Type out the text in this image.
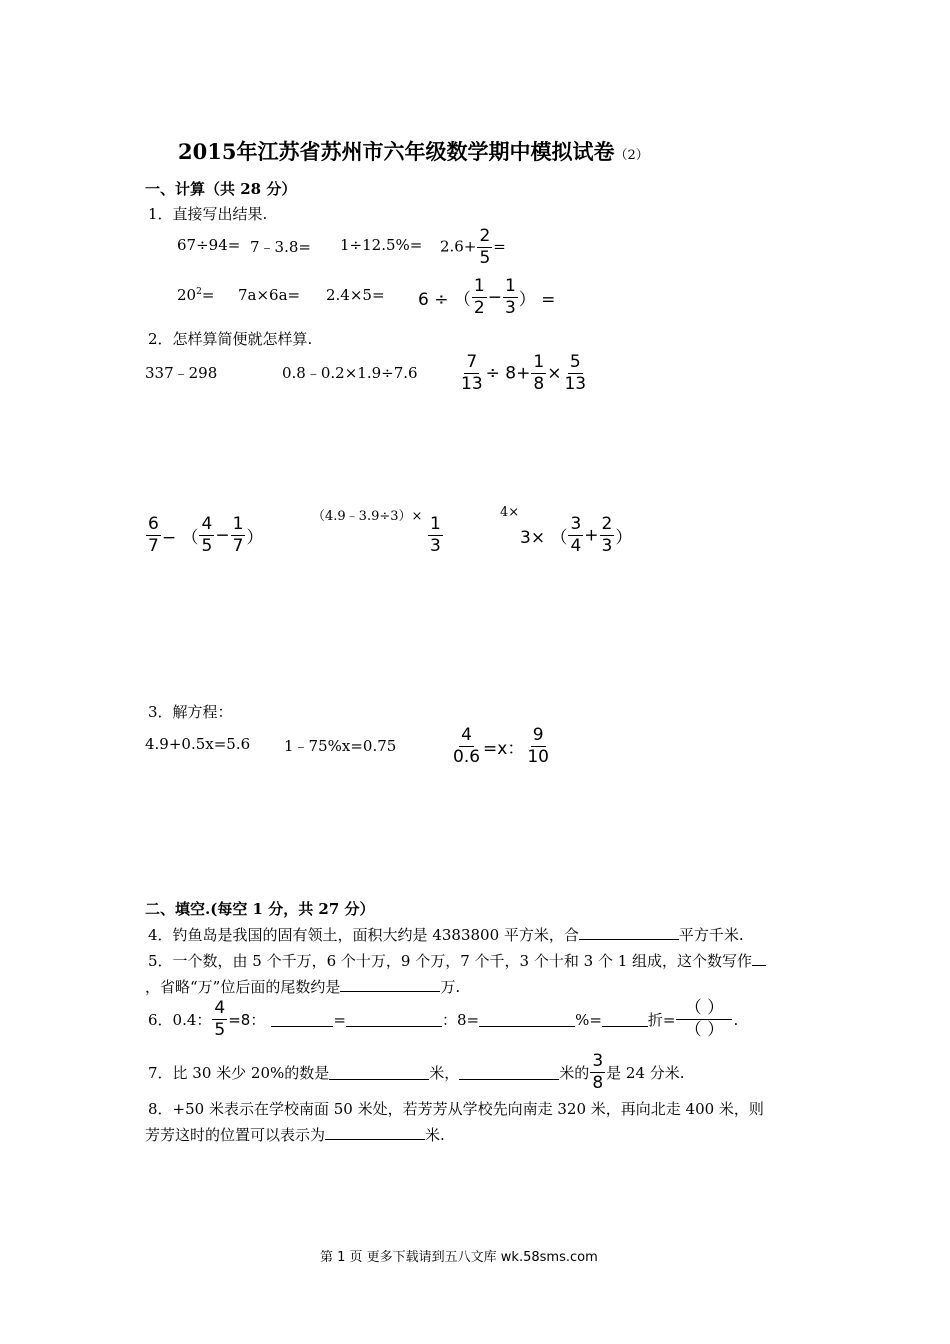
2015年江苏省苏州市六年级数学期中模拟试卷（2）
一、计算（共 28 分）
1．直接写出结果.
67÷94= 7﹣3.8= $1\div 12.5\%= 2.6+ \frac{2}{5}$ =
$20^2= 7a\times 6a= 2.4\times 5= 6$ ÷ （ $\frac{1}{2} - \frac{1}{3}$ ） =
2．怎样算简便就怎样算.
337﹣298	0.8﹣0.2×1.9÷7.6 $\frac{7}{13} \div 8+ \frac{1}{8} \times \frac{5}{13}$
$\frac{6}{7}$ − （ $\frac{4}{5} - \frac{1}{7}$ ）
（4.9﹣3.9÷3）× $\frac{1}{3}$
4×
3× （ $\frac{3}{4} + \frac{2}{3}$ ）
3．解方程：
4.9+0.5x=5.6 1﹣75%x=0.75	$\frac{4}{0.6} =x$： $\frac{9}{10}$
二、填空.(每空 1 分，共 27 分）
4．钓鱼岛是我国的固有领土，面积大约是 4383800 平方米，合	平方千米.
5．一个数，由 5 个千万，6 个十万，9 个万，7 个千，3 个十和 3 个 1 组成，这个数写作
，省略“万”位后面的尾数约是	万.
6．0.4： $\frac{4}{5} =8$：	=	：8=	%=	折= $\frac{( )}{( )}$ .
7．比 30 米少 20%的数是	米，	米的 $\frac{3}{8}$ 是 24 分米.
8．+50 米表示在学校南面 50 米处，若芳芳从学校先向南走 320 米，再向北走 400 米，则
芳芳这时的位置可以表示为	米.
第 1 页 更多下载请到五八文库 wk.58sms.com
